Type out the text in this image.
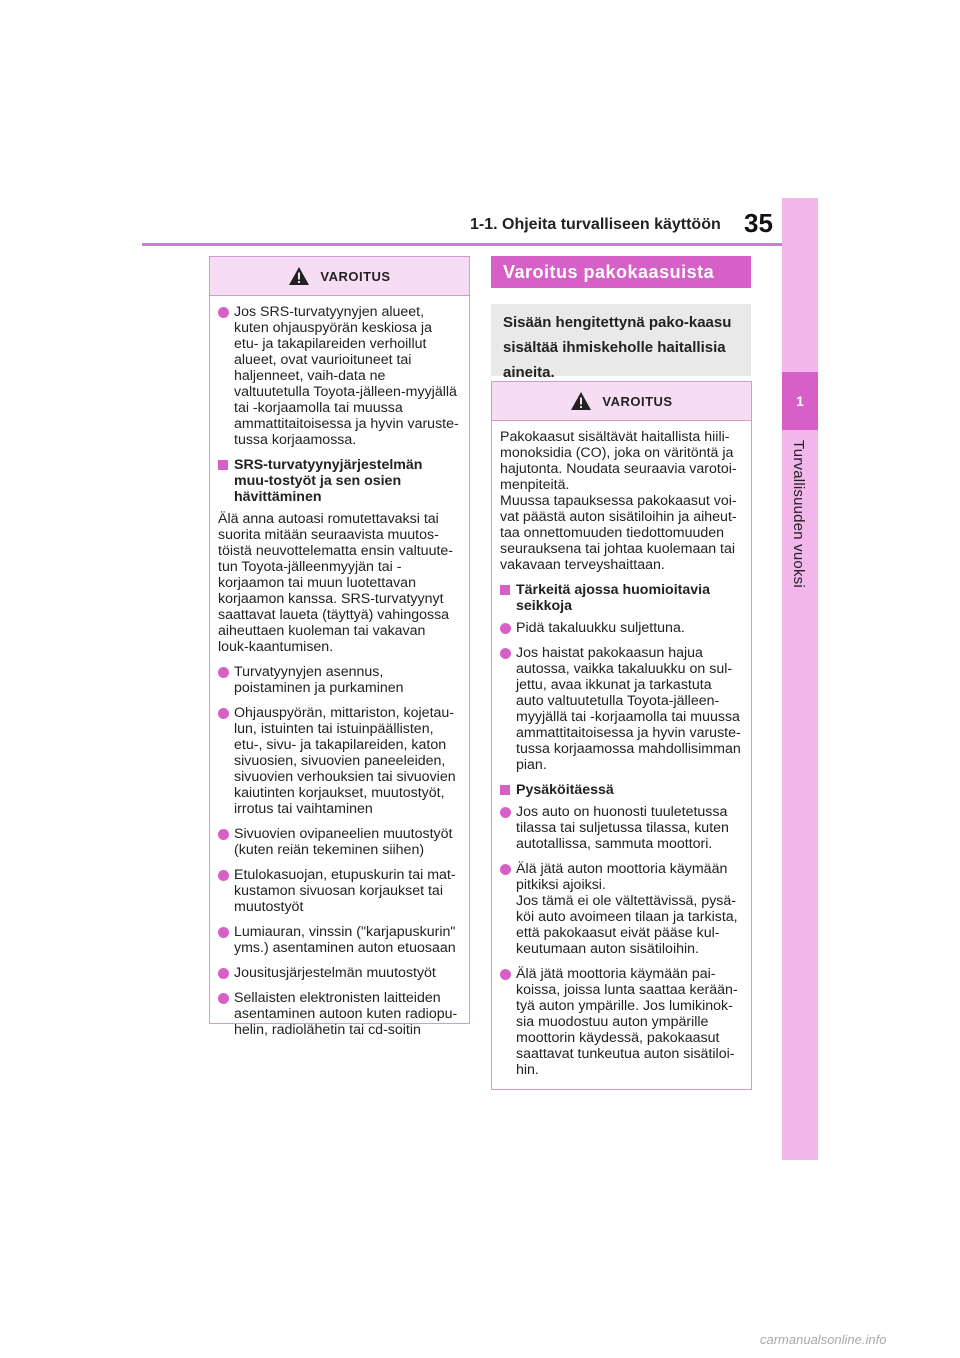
1-1. Ohjeita turvalliseen käyttöön 35
1
Turvallisuuden vuoksi
VAROITUS
Jos SRS-turvatyynyjen alueet, kuten ohjauspyörän keskiosa ja etu- ja takapilareiden verhoillut alueet, ovat vaurioituneet tai haljenneet, vaih-data ne valtuutetulla Toyota-jälleen-myyjällä tai -korjaamolla tai muussa ammattitaitoisessa ja hyvin varuste-tussa korjaamossa.
SRS-turvatyynyjärjestelmän muu-tostyöt ja sen osien hävittäminen
Älä anna autoasi romutettavaksi tai suorita mitään seuraavista muutos-töistä neuvottelematta ensin valtuute-tun Toyota-jälleenmyyjän tai -korjaamon tai muun luotettavan korjaamon kanssa. SRS-turvatyynyt saattavat laueta (täyttyä) vahingossa aiheuttaen kuoleman tai vakavan louk-kaantumisen.
Turvatyynyjen asennus, poistaminen ja purkaminen
Ohjauspyörän, mittariston, kojetau-lun, istuinten tai istuinpäällisten, etu-, sivu- ja takapilareiden, katon sivuosien, sivuovien paneeleiden, sivuovien verhouksien tai sivuovien kaiutinten korjaukset, muutostyöt, irrotus tai vaihtaminen
Sivuovien ovipaneelien muutostyöt (kuten reiän tekeminen siihen)
Etulokasuojan, etupuskurin tai mat-kustamon sivuosan korjaukset tai muutostyöt
Lumiauran, vinssin ("karjapuskurin" yms.) asentaminen auton etuosaan
Jousitusjärjestelmän muutostyöt
Sellaisten elektronisten laitteiden asentaminen autoon kuten radiopu-helin, radiolähetin tai cd-soitin
Varoitus pakokaasuista
Sisään hengitettynä pako-kaasu sisältää ihmiskeholle haitallisia aineita.
VAROITUS
Pakokaasut sisältävät haitallista hiili-monoksidia (CO), joka on väritöntä ja hajutonta. Noudata seuraavia varotoi-menpiteitä.
Muussa tapauksessa pakokaasut voi-vat päästä auton sisätiloihin ja aiheut-taa onnettomuuden tiedottomuuden seurauksena tai johtaa kuolemaan tai vakavaan terveyshaittaan.
Tärkeitä ajossa huomioitavia seikkoja
Pidä takaluukku suljettuna.
Jos haistat pakokaasun hajua autossa, vaikka takaluukku on sul-jettu, avaa ikkunat ja tarkastuta auto valtuutetulla Toyota-jälleen-myyjällä tai -korjaamolla tai muussa ammattitaitoisessa ja hyvin varuste-tussa korjaamossa mahdollisimman pian.
Pysäköitäessä
Jos auto on huonosti tuuletetussa tilassa tai suljetussa tilassa, kuten autotallissa, sammuta moottori.
Älä jätä auton moottoria käymään pitkiksi ajoiksi.
Jos tämä ei ole vältettävissä, pysä-köi auto avoimeen tilaan ja tarkista, että pakokaasut eivät pääse kul-keutumaan auton sisätiloihin.
Älä jätä moottoria käymään pai-koissa, joissa lunta saattaa kerään-tyä auton ympärille. Jos lumikinok-sia muodostuu auton ympärille moottorin käydessä, pakokaasut saattavat tunkeutua auton sisätiloi-hin.
carmanualsonline.info
